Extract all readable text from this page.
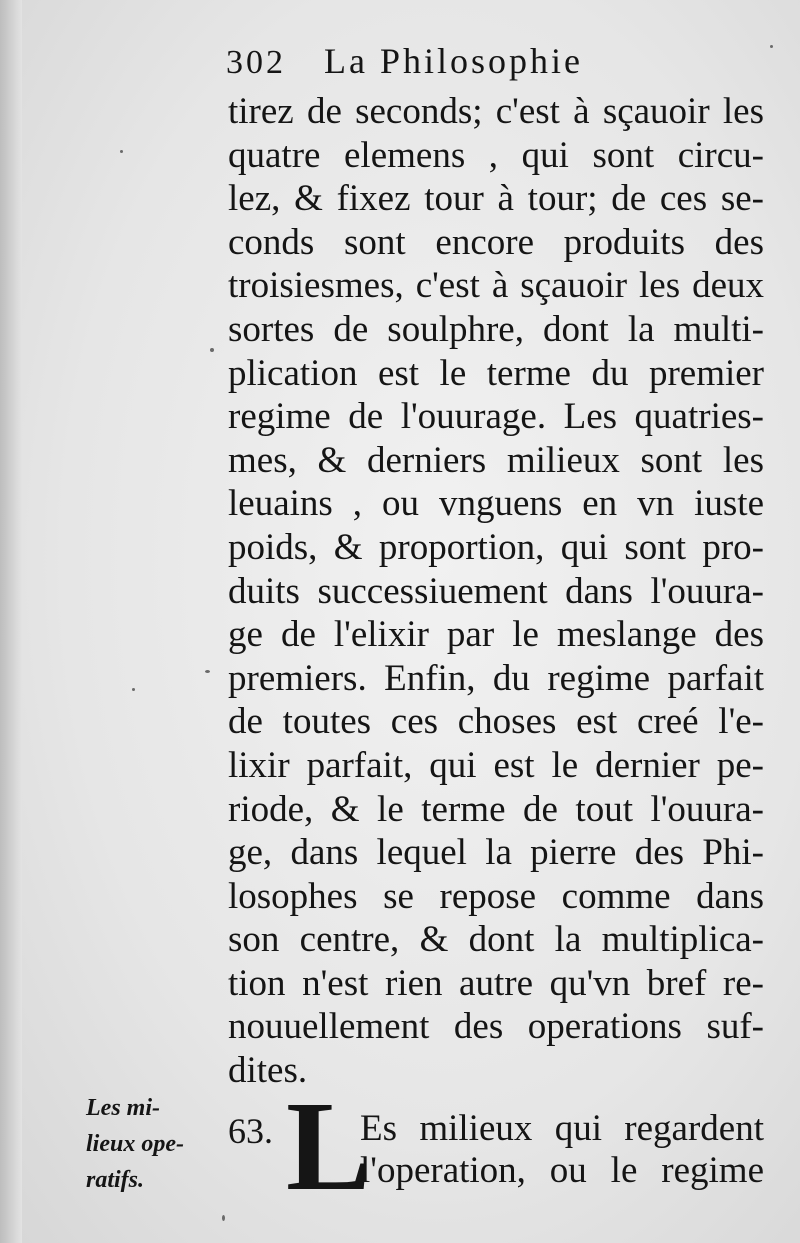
302 La Philosophie
tirez de seconds; c'est à sçauoir les
quatre elemens , qui sont circu-
lez, & fixez tour à tour; de ces se-
conds sont encore produits des
troisiesmes, c'est à sçauoir les deux
sortes de soulphre, dont la multi-
plication est le terme du premier
regime de l'ouurage. Les quatries-
mes, & derniers milieux sont les
leuains , ou vnguens en vn iuste
poids, & proportion, qui sont pro-
duits successiuement dans l'ouura-
ge de l'elixir par le meslange des
premiers. Enfin, du regime parfait
de toutes ces choses est creé l'e-
lixir parfait, qui est le dernier pe-
riode, & le terme de tout l'ouura-
ge, dans lequel la pierre des Phi-
losophes se repose comme dans
son centre, & dont la multiplica-
tion n'est rien autre qu'vn bref re-
nouuellement des operations suf-
dites.
Les mi-
lieux ope-
ratifs.
63. L
Es milieux qui regardent
l'operation, ou le regime
